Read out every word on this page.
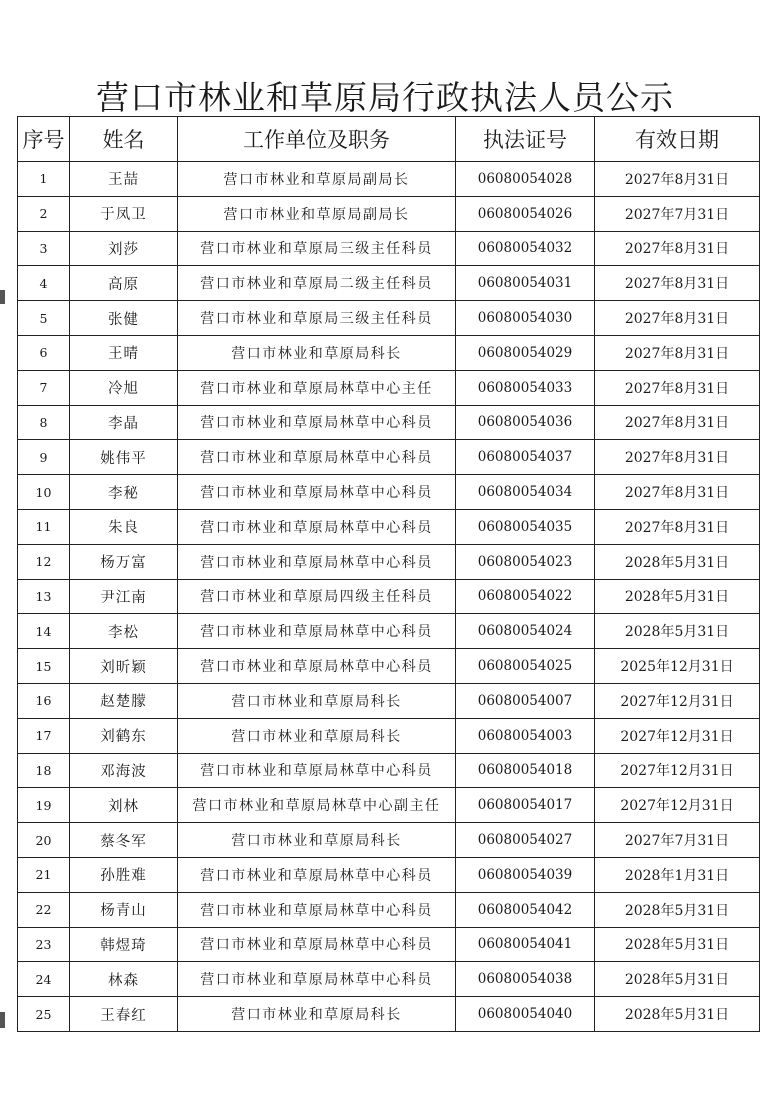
营口市林业和草原局行政执法人员公示
序号	姓名	工作单位及职务	执法证号	有效日期
1	王喆	营口市林业和草原局副局长	06080054028	2027年8月31日
2	于凤卫	营口市林业和草原局副局长	06080054026	2027年7月31日
3	刘莎	营口市林业和草原局三级主任科员	06080054032	2027年8月31日
4	高原	营口市林业和草原局二级主任科员	06080054031	2027年8月31日
5	张健	营口市林业和草原局三级主任科员	06080054030	2027年8月31日
6	王晴	营口市林业和草原局科长	06080054029	2027年8月31日
7	冷旭	营口市林业和草原局林草中心主任	06080054033	2027年8月31日
8	李晶	营口市林业和草原局林草中心科员	06080054036	2027年8月31日
9	姚伟平	营口市林业和草原局林草中心科员	06080054037	2027年8月31日
10	李秘	营口市林业和草原局林草中心科员	06080054034	2027年8月31日
11	朱良	营口市林业和草原局林草中心科员	06080054035	2027年8月31日
12	杨万富	营口市林业和草原局林草中心科员	06080054023	2028年5月31日
13	尹江南	营口市林业和草原局四级主任科员	06080054022	2028年5月31日
14	李松	营口市林业和草原局林草中心科员	06080054024	2028年5月31日
15	刘昕颖	营口市林业和草原局林草中心科员	06080054025	2025年12月31日
16	赵楚朦	营口市林业和草原局科长	06080054007	2027年12月31日
17	刘鹤东	营口市林业和草原局科长	06080054003	2027年12月31日
18	邓海波	营口市林业和草原局林草中心科员	06080054018	2027年12月31日
19	刘林	营口市林业和草原局林草中心副主任	06080054017	2027年12月31日
20	蔡冬军	营口市林业和草原局科长	06080054027	2027年7月31日
21	孙胜难	营口市林业和草原局林草中心科员	06080054039	2028年1月31日
22	杨青山	营口市林业和草原局林草中心科员	06080054042	2028年5月31日
23	韩煜琦	营口市林业和草原局林草中心科员	06080054041	2028年5月31日
24	林森	营口市林业和草原局林草中心科员	06080054038	2028年5月31日
25	王春红	营口市林业和草原局科长	06080054040	2028年5月31日
